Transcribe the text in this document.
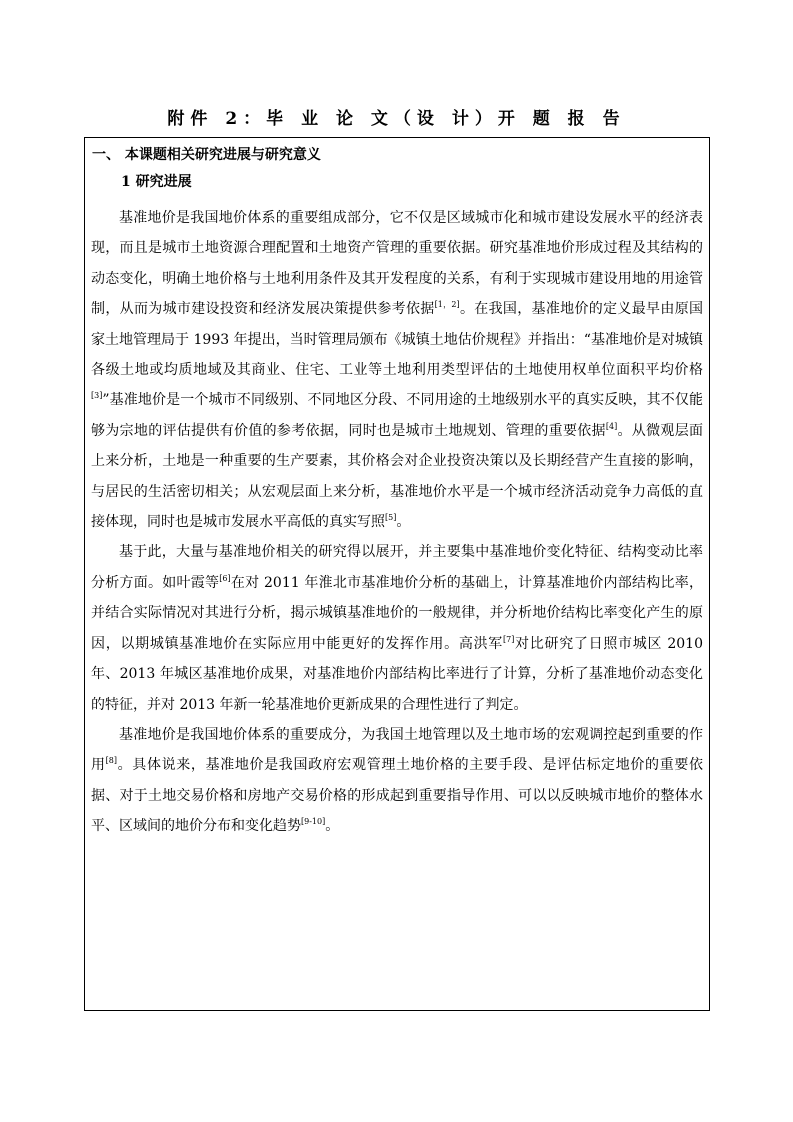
附件 2：毕 业 论 文（设 计）开 题 报 告
一、 本课题相关研究进展与研究意义
1 研究进展

基准地价是我国地价体系的重要组成部分，它不仅是区域城市化和城市建设发展水平的经济表现，而且是城市土地资源合理配置和土地资产管理的重要依据。研究基准地价形成过程及其结构的动态变化，明确土地价格与土地利用条件及其开发程度的关系，有利于实现城市建设用地的用途管制，从而为城市建设投资和经济发展决策提供参考依据[1，2]。在我国，基准地价的定义最早由原国家土地管理局于 1993 年提出，当时管理局颁布《城镇土地估价规程》并指出：“基准地价是对城镇各级土地或均质地域及其商业、住宅、工业等土地利用类型评估的土地使用权单位面积平均价格[3]”基准地价是一个城市不同级别、不同地区分段、不同用途的土地级别水平的真实反映，其不仅能够为宗地的评估提供有价值的参考依据，同时也是城市土地规划、管理的重要依据[4]。从微观层面上来分析，土地是一种重要的生产要素，其价格会对企业投资决策以及长期经营产生直接的影响，与居民的生活密切相关；从宏观层面上来分析，基准地价水平是一个城市经济活动竞争力高低的直接体现，同时也是城市发展水平高低的真实写照[5]。

基于此，大量与基准地价相关的研究得以展开，并主要集中基准地价变化特征、结构变动比率分析方面。如叶霞等[6]在对 2011 年淮北市基准地价分析的基础上，计算基准地价内部结构比率，并结合实际情况对其进行分析，揭示城镇基准地价的一般规律，并分析地价结构比率变化产生的原因，以期城镇基准地价在实际应用中能更好的发挥作用。高洪军[7]对比研究了日照市城区 2010 年、2013 年城区基准地价成果，对基准地价内部结构比率进行了计算，分析了基准地价动态变化的特征，并对 2013 年新一轮基准地价更新成果的合理性进行了判定。

基准地价是我国地价体系的重要成分，为我国土地管理以及土地市场的宏观调控起到重要的作用[8]。具体说来，基准地价是我国政府宏观管理土地价格的主要手段、是评估标定地价的重要依据、对于土地交易价格和房地产交易价格的形成起到重要指导作用、可以以反映城市地价的整体水平、区域间的地价分布和变化趋势[9-10]。
